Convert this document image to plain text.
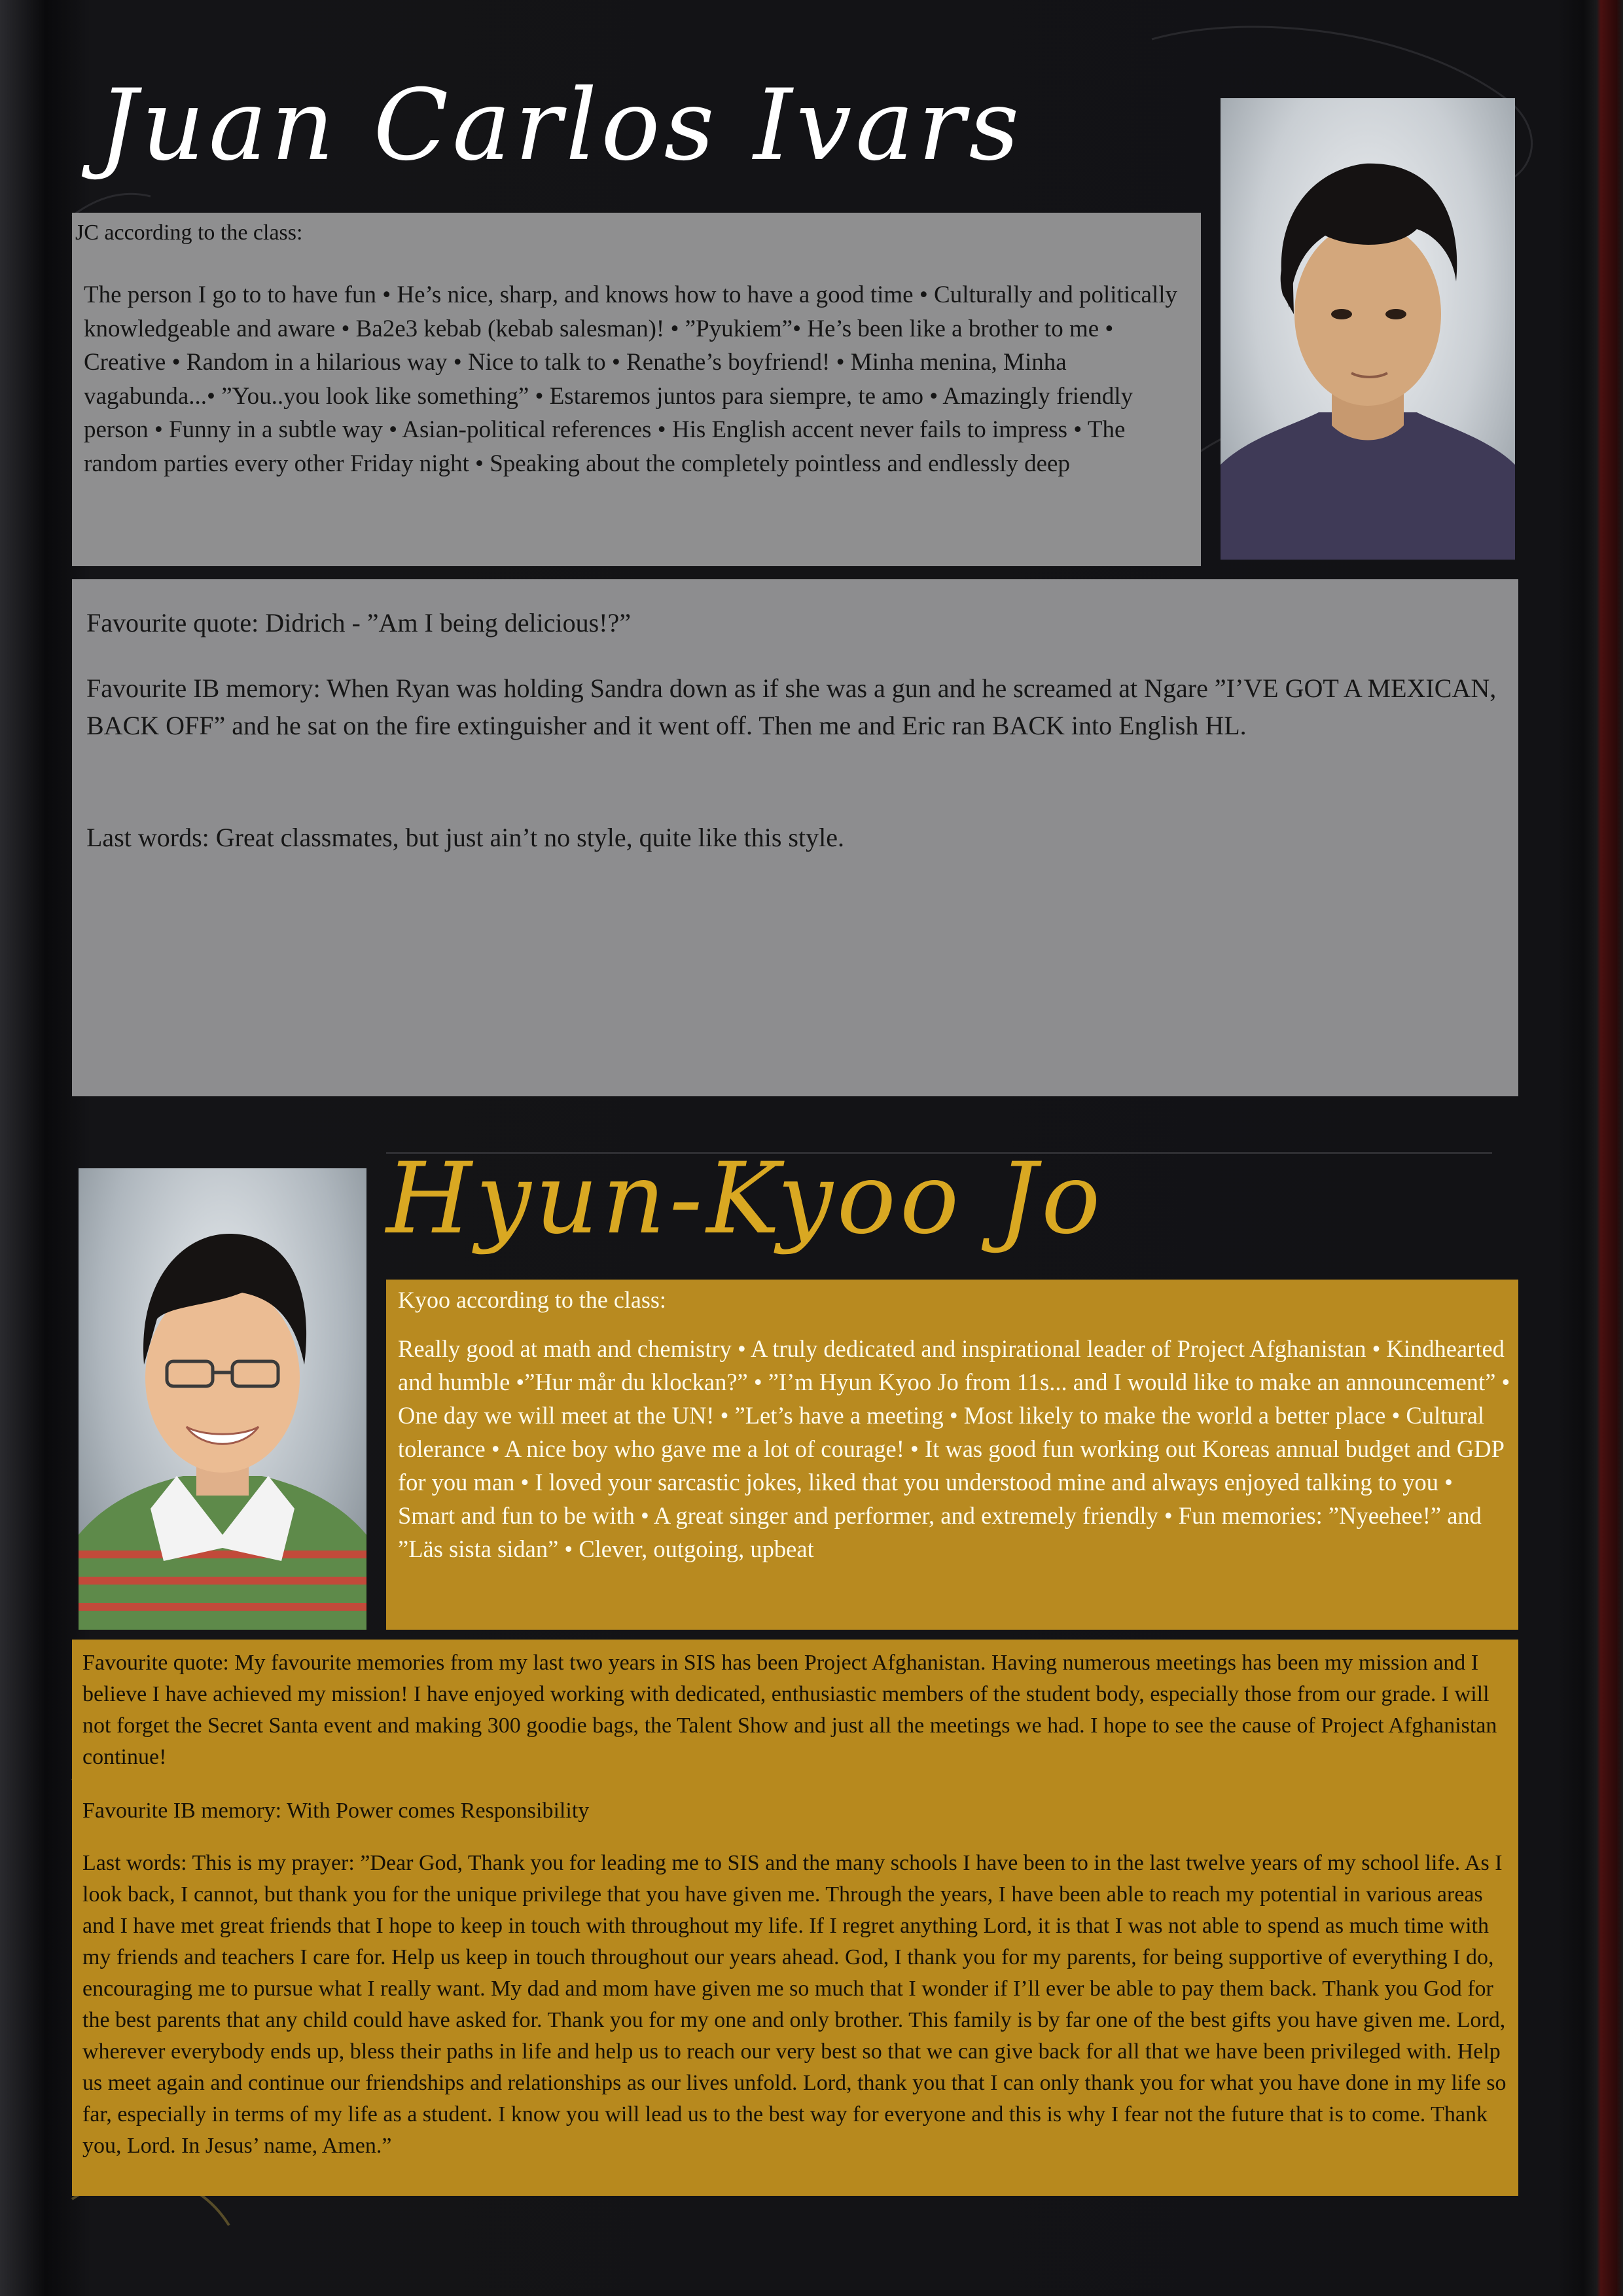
Juan Carlos Ivars
JC according to the class:
The person I go to to have fun • He’s nice, sharp, and knows how to have a good time • Culturally and politically knowledgeable and aware • Ba2e3 kebab (kebab salesman)! • ”Pyukiem”• He’s been like a brother to me • Creative • Random in a hilarious way • Nice to talk to • Renathe’s boyfriend! • Minha menina, Minha vagabunda...• ”You..you look like something” • Estaremos juntos para siempre, te amo • Amazingly friendly person • Funny in a subtle way • Asian-political references • His English accent never fails to impress • The random parties every other Friday night • Speaking about the completely pointless and endlessly deep

Favourite quote: Didrich - ”Am I being delicious!?”

Favourite IB memory: When Ryan was holding Sandra down as if she was a gun and he screamed at Ngare ”I’VE GOT A MEXICAN, BACK OFF” and he sat on the fire extinguisher and it went off. Then me and Eric ran BACK into English HL.

Last words: Great classmates, but just ain’t no style, quite like this style.

Hyun-Kyoo Jo
Kyoo according to the class:
Really good at math and chemistry • A truly dedicated and inspirational leader of Project Afghanistan • Kindhearted and humble •”Hur mår du klockan?” • ”I’m Hyun Kyoo Jo from 11s... and I would like to make an announcement” • One day we will meet at the UN! • ”Let’s have a meeting • Most likely to make the world a better place • Cultural tolerance • A nice boy who gave me a lot of courage! • It was good fun working out Koreas annual budget and GDP for you man • I loved your sarcastic jokes, liked that you understood mine and always enjoyed talking to you • Smart and fun to be with • A great singer and performer, and extremely friendly • Fun memories: ”Nyeehee!” and ”Läs sista sidan” • Clever, outgoing, upbeat

Favourite quote: My favourite memories from my last two years in SIS has been Project Afghanistan. Having numerous meetings has been my mission and I believe I have achieved my mission! I have enjoyed working with dedicated, enthusiastic members of the student body, especially those from our grade. I will not forget the Secret Santa event and making 300 goodie bags, the Talent Show and just all the meetings we had. I hope to see the cause of Project Afghanistan continue!

Favourite IB memory: With Power comes Responsibility

Last words: This is my prayer: ”Dear God, Thank you for leading me to SIS and the many schools I have been to in the last twelve years of my school life. As I look back, I cannot, but thank you for the unique privilege that you have given me. Through the years, I have been able to reach my potential in various areas and I have met great friends that I hope to keep in touch with throughout my life. If I regret anything Lord, it is that I was not able to spend as much time with my friends and teachers I care for. Help us keep in touch throughout our years ahead. God, I thank you for my parents, for being supportive of everything I do, encouraging me to pursue what I really want. My dad and mom have given me so much that I wonder if I’ll ever be able to pay them back. Thank you God for the best parents that any child could have asked for. Thank you for my one and only brother. This family is by far one of the best gifts you have given me. Lord, wherever everybody ends up, bless their paths in life and help us to reach our very best so that we can give back for all that we have been privileged with. Help us meet again and continue our friendships and relationships as our lives unfold. Lord, thank you that I can only thank you for what you have done in my life so far, especially in terms of my life as a student. I know you will lead us to the best way for everyone and this is why I fear not the future that is to come. Thank you, Lord. In Jesus’ name, Amen.”
